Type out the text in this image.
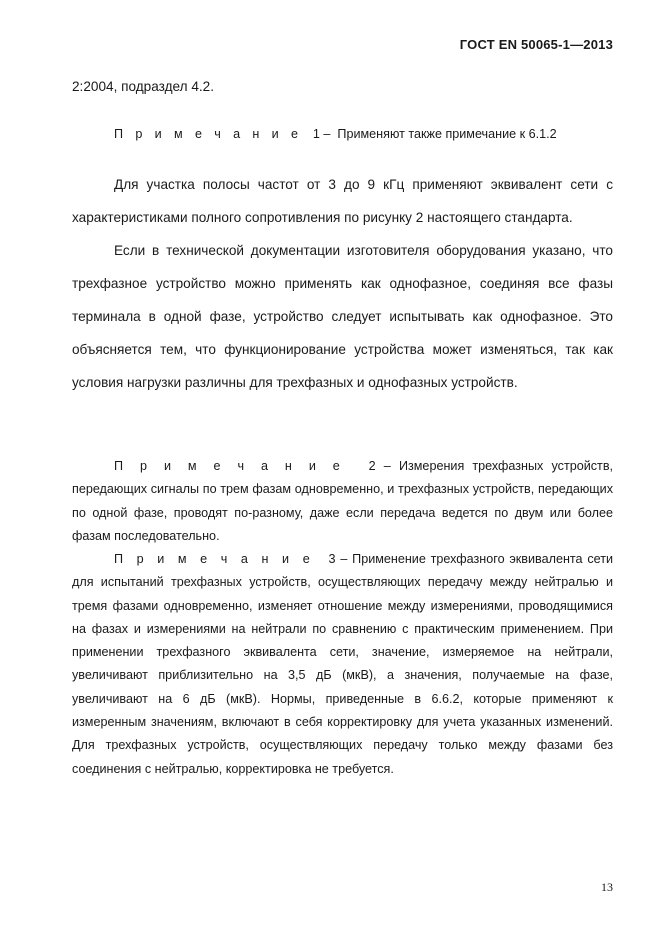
ГОСТ EN 50065-1—2013

2:2004, подраздел 4.2.

П р и м е ч а н и е 1 – Применяют также примечание к 6.1.2

Для участка полосы частот от 3 до 9 кГц применяют эквивалент сети с характеристиками полного сопротивления по рисунку 2 настоящего стандарта.

Если в технической документации изготовителя оборудования указано, что трехфазное устройство можно применять как однофазное, соединяя все фазы терминала в одной фазе, устройство следует испытывать как однофазное. Это объясняется тем, что функционирование устройства может изменяться, так как условия нагрузки различны для трехфазных и однофазных устройств.

П р и м е ч а н и е 2 – Измерения трехфазных устройств, передающих сигналы по трем фазам одновременно, и трехфазных устройств, передающих по одной фазе, проводят по-разному, даже если передача ведется по двум или более фазам последовательно.

П р и м е ч а н и е 3 – Применение трехфазного эквивалента сети для испытаний трехфазных устройств, осуществляющих передачу между нейтралью и тремя фазами одновременно, изменяет отношение между измерениями, проводящимися на фазах и измерениями на нейтрали по сравнению с практическим применением. При применении трехфазного эквивалента сети, значение, измеряемое на нейтрали, увеличивают приблизительно на 3,5 дБ (мкВ), а значения, получаемые на фазе, увеличивают на 6 дБ (мкВ). Нормы, приведенные в 6.6.2, которые применяют к измеренным значениям, включают в себя корректировку для учета указанных изменений. Для трехфазных устройств, осуществляющих передачу только между фазами без соединения с нейтралью, корректировка не требуется.

13
